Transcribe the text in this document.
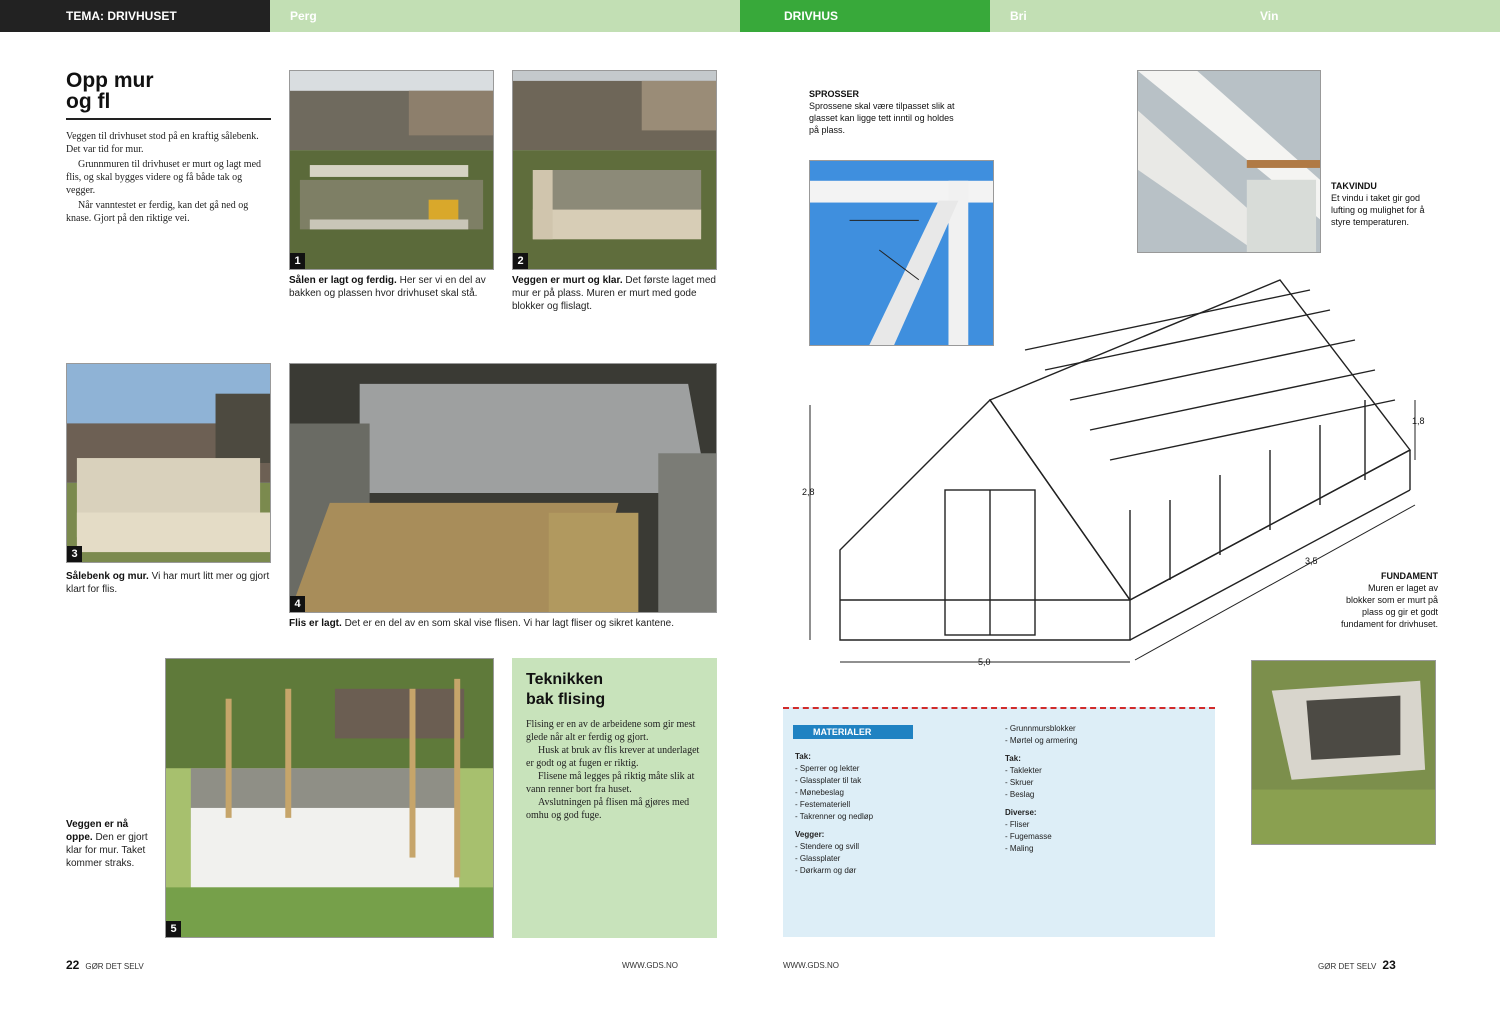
TEMA: DRIVHUSET	Perg	DRIVHUS	Bri	Vin
Opp mur
og fl

Veggen til drivhuset stod på en kraftig sålebenk. Det var tid for mur.

Grunnmuren til drivhuset er murt og lagt med flis, og skal bygges videre og få både tak og vegger.

Når vanntestet er ferdig, kan det gå ned og knase. Gjort på den riktige vei.

1
Sålen er lagt og ferdig. Her ser vi en del av bakken og plassen hvor drivhuset skal stå.
2
Veggen er murt og klar. Det første laget med mur er på plass. Muren er murt med gode blokker og flislagt.
3
Sålebenk og mur. Vi har murt litt mer og gjort klart for flis.
4
Flis er lagt. Det er en del av en som skal vise flisen. Vi har lagt fliser og sikret kantene.
Veggen er nå oppe. Den er gjort klar for mur. Taket kommer straks.
5
Teknikken
bak flising

Flising er en av de arbeidene som gir mest glede når alt er ferdig og gjort.

Husk at bruk av flis krever at underlaget er godt og at fugen er riktig.

Flisene må legges på riktig måte slik at vann renner bort fra huset.

Avslutningen på flisen må gjøres med omhu og god fuge.

22 GØR DET SELV	WWW.GDS.NO
SPROSSER
Sprossene skal være tilpasset slik at glasset kan ligge tett inntil og holdes på plass.
TAKVINDU
Et vindu i taket gir god lufting og mulighet for å styre temperaturen.
2,8
5,0
3,5
1,8
FUNDAMENT
Muren er laget av blokker som er murt på plass og gir et godt fundament for drivhuset.
MATERIALER
Tak:
- Sperrer og lekter
- Glassplater til tak
- Mønebeslag
- Festemateriell
- Takrenner og nedløp
Vegger:
- Stendere og svill
- Glassplater
- Dørkarm og dør
- Grunnmursblokker
- Mørtel og armering
Tak:
- Taklekter
- Skruer
- Beslag
Diverse:
- Fliser
- Fugemasse
- Maling
WWW.GDS.NO	GØR DET SELV 23
